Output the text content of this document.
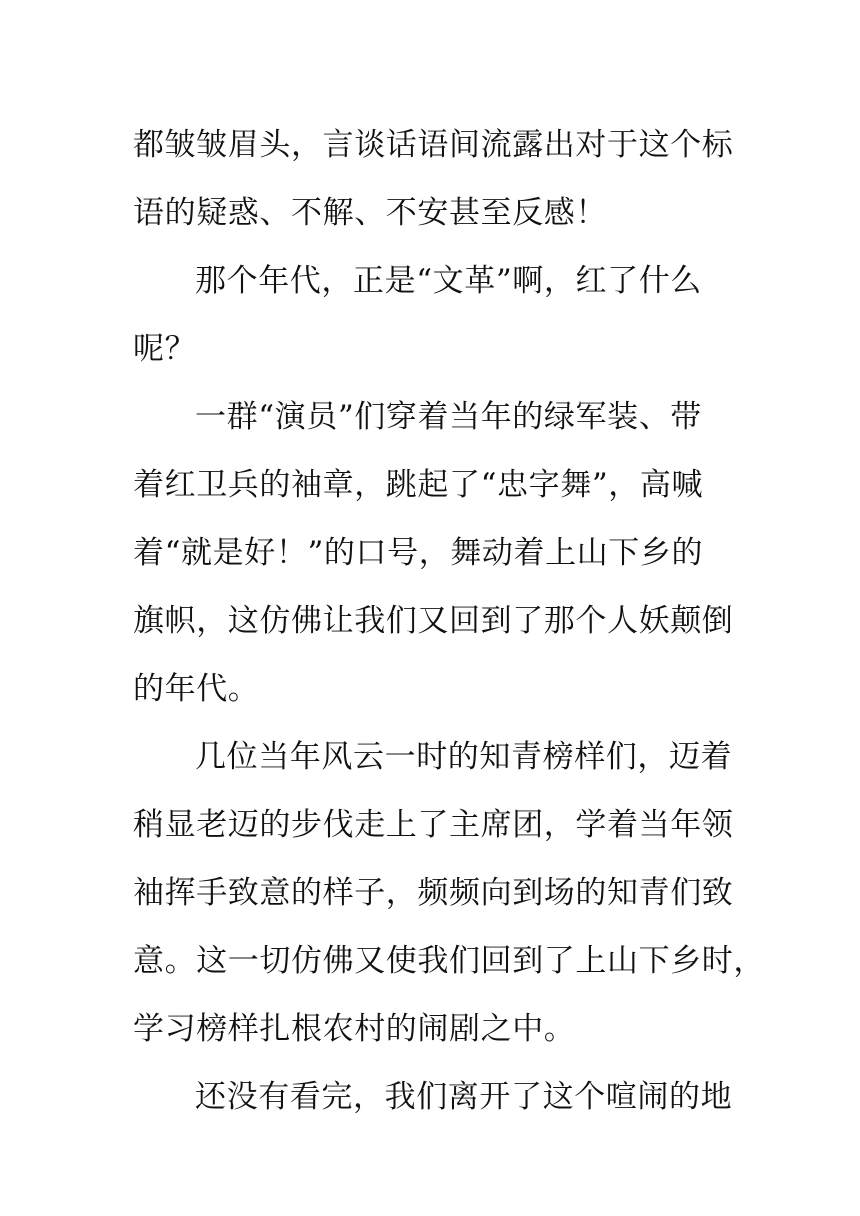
都皱皱眉头，言谈话语间流露出对于这个标
语的疑惑、不解、不安甚至反感！

那个年代，正是“文革”啊，红了什么
呢？

一群“演员”们穿着当年的绿军装、带
着红卫兵的袖章，跳起了“忠字舞”，高喊
着“就是好！”的口号，舞动着上山下乡的
旗帜，这仿佛让我们又回到了那个人妖颠倒
的年代。

几位当年风云一时的知青榜样们，迈着
稍显老迈的步伐走上了主席团，学着当年领
袖挥手致意的样子，频频向到场的知青们致
意。这一切仿佛又使我们回到了上山下乡时，
学习榜样扎根农村的闹剧之中。

还没有看完，我们离开了这个喧闹的地
